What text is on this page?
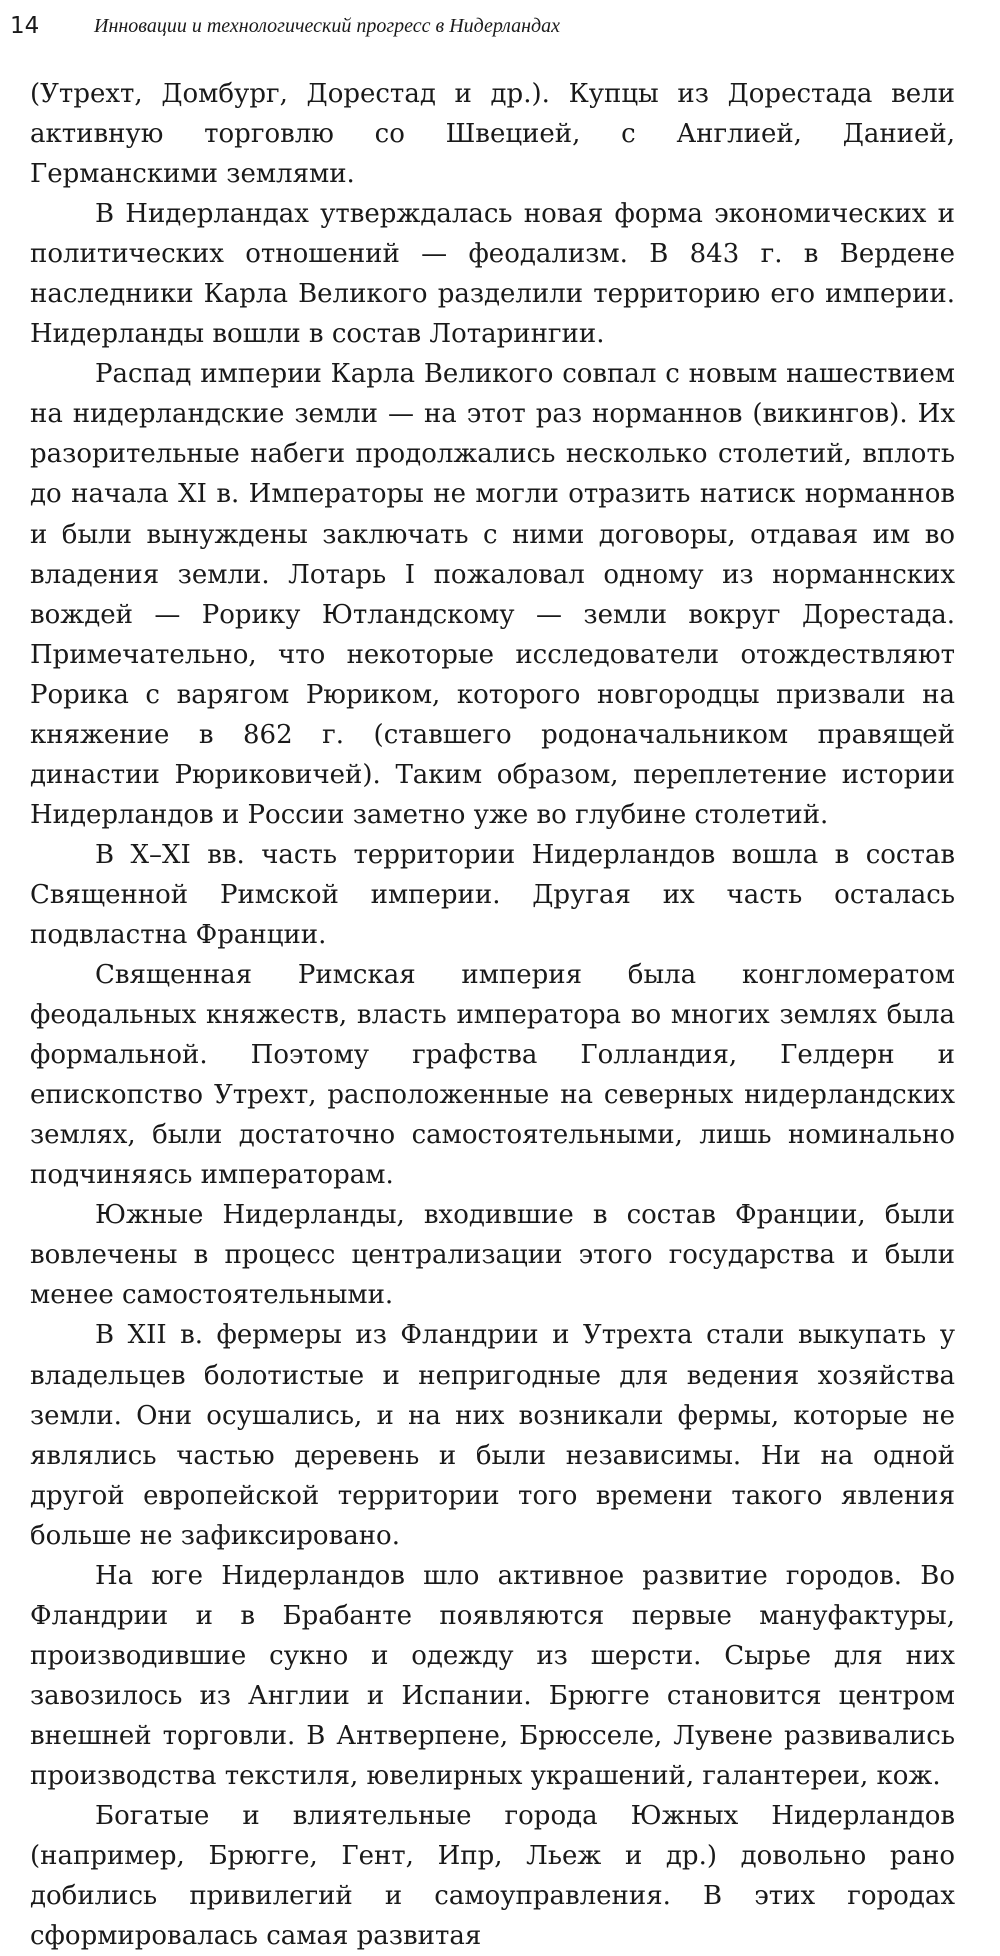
14	Инновации и технологический прогресс в Нидерландах

(Утрехт, Домбург, Дорестад и др.). Купцы из Дорестада вели активную торговлю со Швецией, с Англией, Данией, Германскими землями.

В Нидерландах утверждалась новая форма экономических и политических отношений — феодализм. В 843 г. в Вердене наследники Карла Великого разделили территорию его империи. Нидерланды вошли в состав Лотарингии.

Распад империи Карла Великого совпал с новым нашествием на нидерландские земли — на этот раз норманнов (викингов). Их разорительные набеги продолжались несколько столетий, вплоть до начала XI в. Императоры не могли отразить натиск норманнов и были вынуждены заключать с ними договоры, отдавая им во владения земли. Лотарь I пожаловал одному из норманнских вождей — Рорику Ютландскому — земли вокруг Дорестада. Примечательно, что некоторые исследователи отождествляют Рорика с варягом Рюриком, которого новгородцы призвали на княжение в 862 г. (ставшего родоначальником правящей династии Рюриковичей). Таким образом, переплетение истории Нидерландов и России заметно уже во глубине столетий.

В X–XI вв. часть территории Нидерландов вошла в состав Священной Римской империи. Другая их часть осталась подвластна Франции.

Священная Римская империя была конгломератом феодальных княжеств, власть императора во многих землях была формальной. Поэтому графства Голландия, Гелдерн и епископство Утрехт, расположенные на северных нидерландских землях, были достаточно самостоятельными, лишь номинально подчиняясь императорам.

Южные Нидерланды, входившие в состав Франции, были вовлечены в процесс централизации этого государства и были менее самостоятельными.

В XII в. фермеры из Фландрии и Утрехта стали выкупать у владельцев болотистые и непригодные для ведения хозяйства земли. Они осушались, и на них возникали фермы, которые не являлись частью деревень и были независимы. Ни на одной другой европейской территории того времени такого явления больше не зафиксировано.

На юге Нидерландов шло активное развитие городов. Во Фландрии и в Брабанте появляются первые мануфактуры, производившие сукно и одежду из шерсти. Сырье для них завозилось из Англии и Испании. Брюгге становится центром внешней торговли. В Антверпене, Брюсселе, Лувене развивались производства текстиля, ювелирных украшений, галантереи, кож.

Богатые и влиятельные города Южных Нидерландов (например, Брюгге, Гент, Ипр, Льеж и др.) довольно рано добились привилегий и самоуправления. В этих городах сформировалась самая развитая
